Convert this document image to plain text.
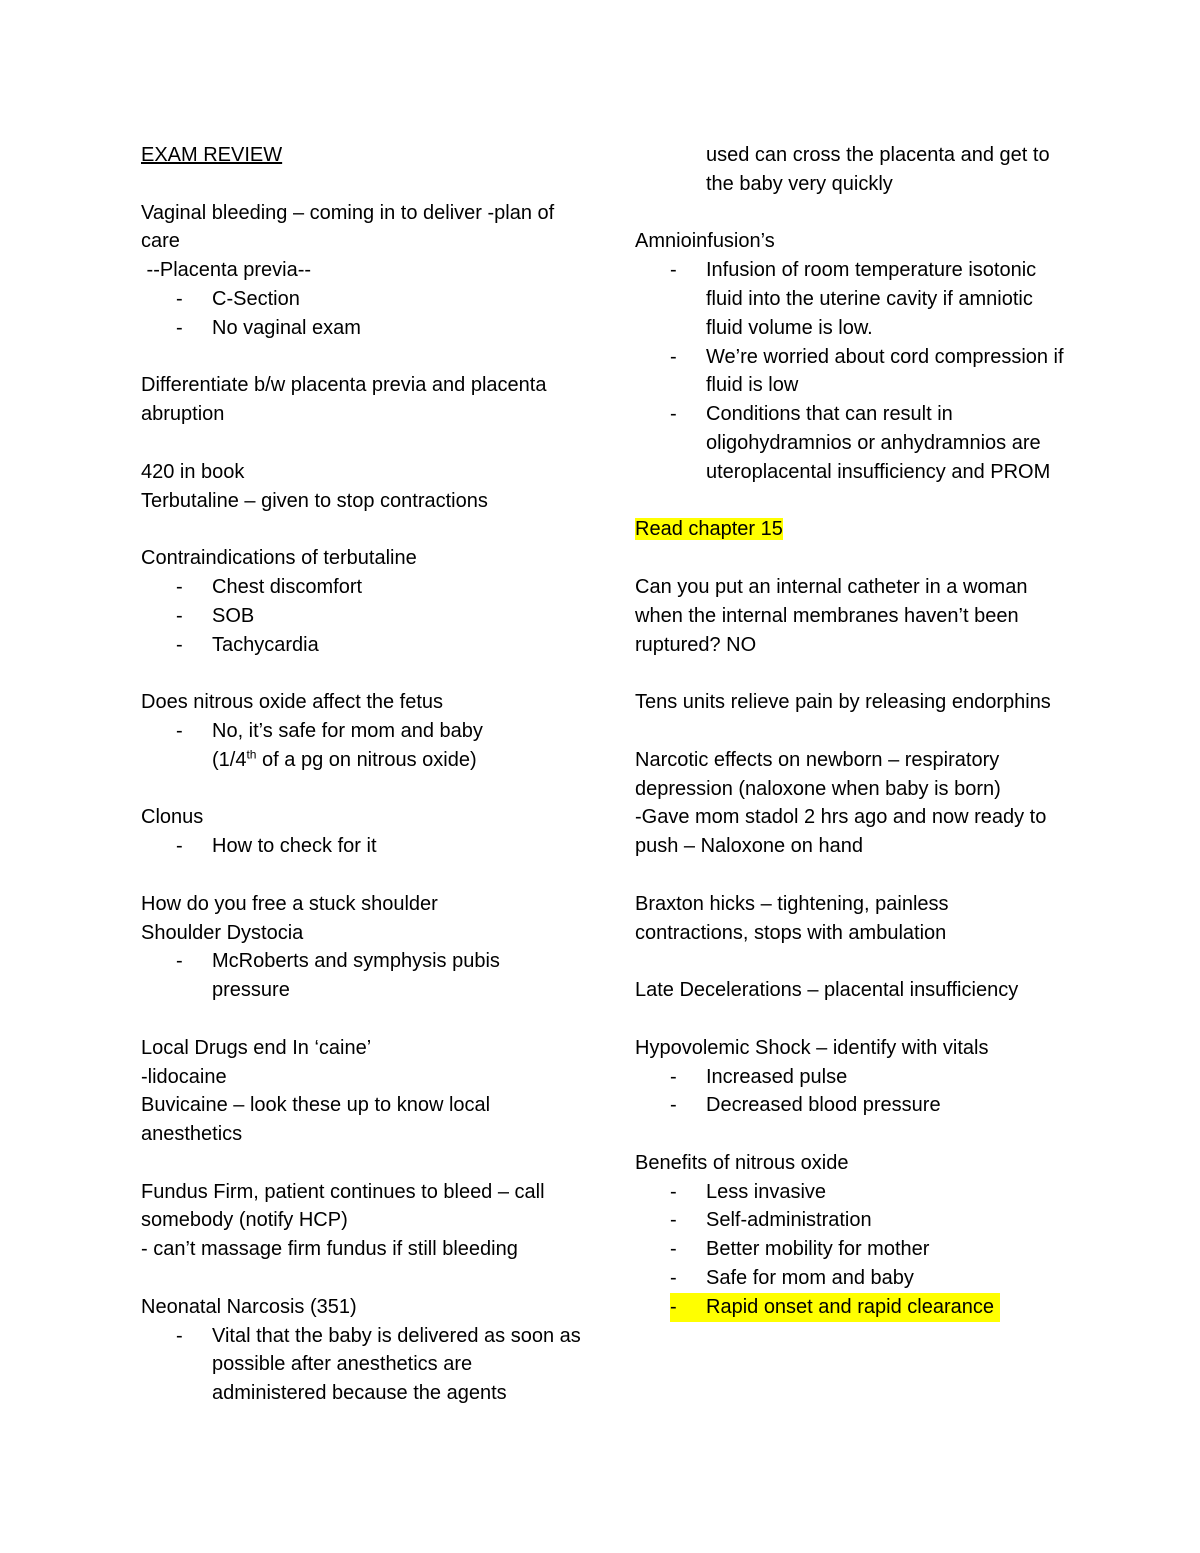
EXAM REVIEW
Vaginal bleeding – coming in to deliver -plan of care
--Placenta previa--
-	C-Section
-	No vaginal exam
Differentiate b/w placenta previa and placenta abruption
420 in book
Terbutaline – given to stop contractions
Contraindications of terbutaline
-	Chest discomfort
-	SOB
-	Tachycardia
Does nitrous oxide affect the fetus
-	No, it’s safe for mom and baby
(1/4th of a pg on nitrous oxide)
Clonus
-	How to check for it
How do you free a stuck shoulder
Shoulder Dystocia
-	McRoberts and symphysis pubis pressure
Local Drugs end In ‘caine’
-lidocaine
Buvicaine – look these up to know local anesthetics
Fundus Firm, patient continues to bleed – call somebody (notify HCP)
- can’t massage firm fundus if still bleeding
Neonatal Narcosis (351)
-	Vital that the baby is delivered as soon as possible after anesthetics are administered because the agents
used can cross the placenta and get to the baby very quickly
Amnioinfusion’s
-	Infusion of room temperature isotonic fluid into the uterine cavity if amniotic fluid volume is low.
-	We’re worried about cord compression if fluid is low
-	Conditions that can result in oligohydramnios or anhydramnios are uteroplacental insufficiency and PROM
Read chapter 15
Can you put an internal catheter in a woman when the internal membranes haven’t been ruptured? NO
Tens units relieve pain by releasing endorphins
Narcotic effects on newborn – respiratory depression (naloxone when baby is born)
-Gave mom stadol 2 hrs ago and now ready to push – Naloxone on hand
Braxton hicks – tightening, painless contractions, stops with ambulation
Late Decelerations – placental insufficiency
Hypovolemic Shock – identify with vitals
-	Increased pulse
-	Decreased blood pressure
Benefits of nitrous oxide
-	Less invasive
-	Self-administration
-	Better mobility for mother
-	Safe for mom and baby
-	Rapid onset and rapid clearance
